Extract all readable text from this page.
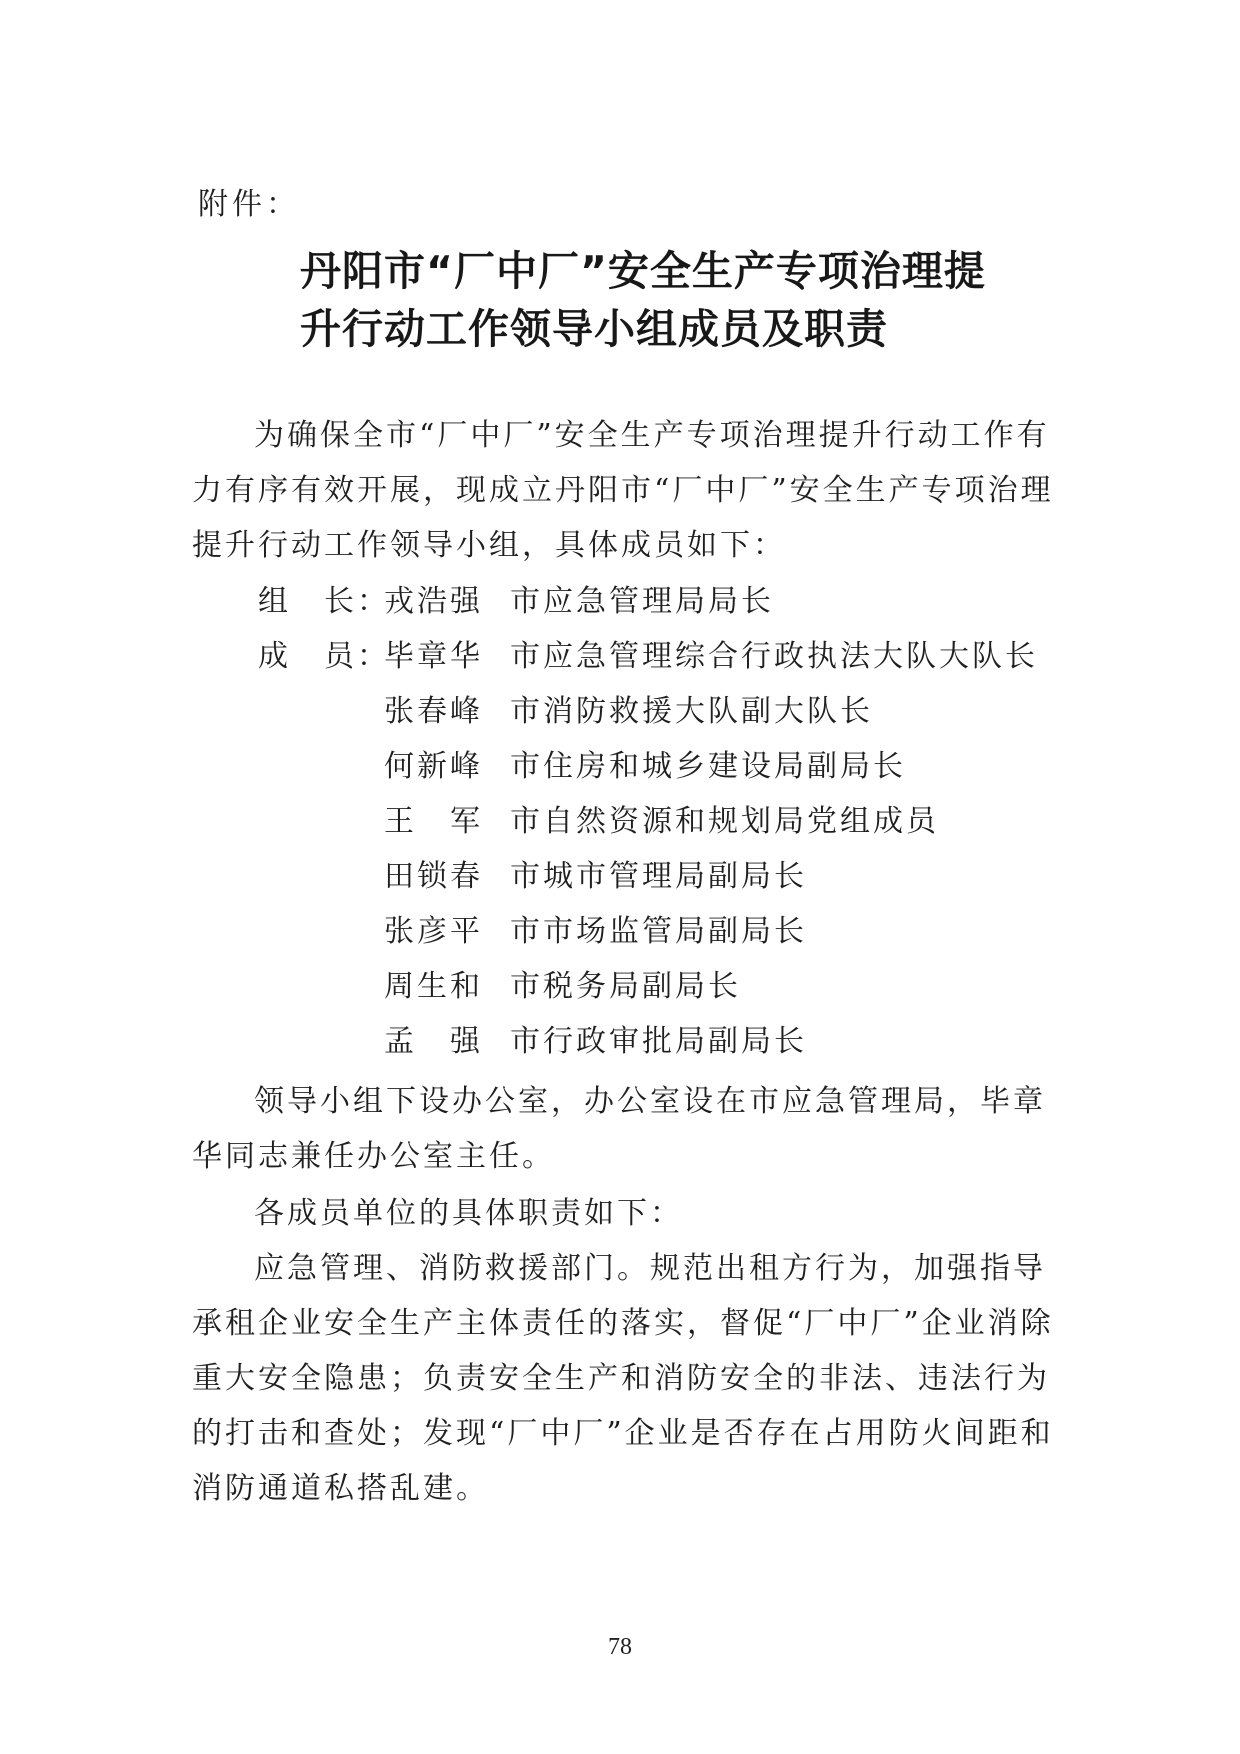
附件：
丹阳市“厂中厂”安全生产专项治理提
升行动工作领导小组成员及职责
为确保全市“厂中厂”安全生产专项治理提升行动工作有
力有序有效开展，现成立丹阳市“厂中厂”安全生产专项治理
提升行动工作领导小组，具体成员如下：
组　长：
戎浩强 市应急管理局局长
成　员：
毕章华 市应急管理综合行政执法大队大队长
张春峰 市消防救援大队副大队长
何新峰 市住房和城乡建设局副局长
王　军 市自然资源和规划局党组成员
田锁春 市城市管理局副局长
张彦平 市市场监管局副局长
周生和 市税务局副局长
孟　强 市行政审批局副局长
领导小组下设办公室，办公室设在市应急管理局，毕章
华同志兼任办公室主任。
各成员单位的具体职责如下：
应急管理、消防救援部门。规范出租方行为，加强指导
承租企业安全生产主体责任的落实，督促“厂中厂”企业消除
重大安全隐患；负责安全生产和消防安全的非法、违法行为
的打击和查处；发现“厂中厂”企业是否存在占用防火间距和
消防通道私搭乱建。
78
